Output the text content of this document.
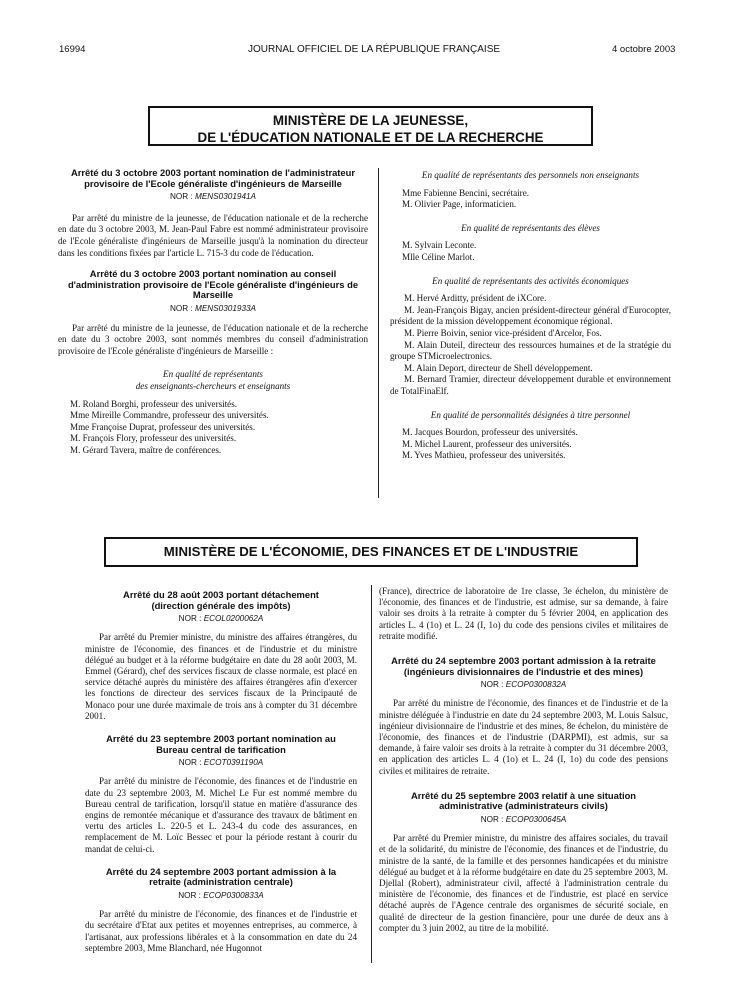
16994	JOURNAL OFFICIEL DE LA RÉPUBLIQUE FRANÇAISE	4 octobre 2003
MINISTÈRE DE LA JEUNESSE,
DE L'ÉDUCATION NATIONALE ET DE LA RECHERCHE
Arrêté du 3 octobre 2003 portant nomination de l'administrateur provisoire de l'Ecole généraliste d'ingénieurs de Marseille
NOR : MENS0301941A

Par arrêté du ministre de la jeunesse, de l'éducation nationale et de la recherche en date du 3 octobre 2003, M. Jean-Paul Fabre est nommé administrateur provisoire de l'Ecole généraliste d'ingénieurs de Marseille jusqu'à la nomination du directeur dans les conditions fixées par l'article L. 715-3 du code de l'éducation.

Arrêté du 3 octobre 2003 portant nomination au conseil d'administration provisoire de l'Ecole généraliste d'ingénieurs de Marseille
NOR : MENS0301933A

Par arrêté du ministre de la jeunesse, de l'éducation nationale et de la recherche en date du 3 octobre 2003, sont nommés membres du conseil d'administration provisoire de l'Ecole généraliste d'ingénieurs de Marseille :

En qualité de représentants
des enseignants-chercheurs et enseignants

M. Roland Borghi, professeur des universités.

Mme Mireille Commandre, professeur des universités.

Mme Françoise Duprat, professeur des universités.

M. François Flory, professeur des universités.

M. Gérard Tavera, maître de conférences.

En qualité de représentants des personnels non enseignants

Mme Fabienne Bencini, secrétaire.

M. Olivier Page, informaticien.

En qualité de représentants des élèves

M. Sylvain Leconte.

Mlle Céline Marlot.

En qualité de représentants des activités économiques

M. Hervé Arditty, président de iXCore.

M. Jean-François Bigay, ancien président-directeur général d'Eurocopter, président de la mission développement économique régional.

M. Pierre Boivin, senior vice-président d'Arcelor, Fos.

M. Alain Duteil, directeur des ressources humaines et de la stratégie du groupe STMicroelectronics.

M. Alain Deport, directeur de Shell développement.

M. Bernard Tramier, directeur développement durable et environnement de TotalFinaElf.

En qualité de personnalités désignées à titre personnel

M. Jacques Bourdon, professeur des universités.

M. Michel Laurent, professeur des universités.

M. Yves Mathieu, professeur des universités.

MINISTÈRE DE L'ÉCONOMIE, DES FINANCES ET DE L'INDUSTRIE
Arrêté du 28 août 2003 portant détachement (direction générale des impôts)
NOR : ECOL0200062A

Par arrêté du Premier ministre, du ministre des affaires étrangères, du ministre de l'économie, des finances et de l'industrie et du ministre délégué au budget et à la réforme budgétaire en date du 28 août 2003, M. Emmel (Gérard), chef des services fiscaux de classe normale, est placé en service détaché auprès du ministère des affaires étrangères afin d'exercer les fonctions de directeur des services fiscaux de la Principauté de Monaco pour une durée maximale de trois ans à compter du 31 décembre 2001.

Arrêté du 23 septembre 2003 portant nomination au Bureau central de tarification
NOR : ECOT0391190A

Par arrêté du ministre de l'économie, des finances et de l'industrie en date du 23 septembre 2003, M. Michel Le Fur est nommé membre du Bureau central de tarification, lorsqu'il statue en matière d'assurance des engins de remontée mécanique et d'assurance des travaux de bâtiment en vertu des articles L. 220-5 et L. 243-4 du code des assurances, en remplacement de M. Loïc Bessec et pour la période restant à courir du mandat de celui-ci.

Arrêté du 24 septembre 2003 portant admission à la retraite (administration centrale)
NOR : ECOP0300833A

Par arrêté du ministre de l'économie, des finances et de l'industrie et du secrétaire d'Etat aux petites et moyennes entreprises, au commerce, à l'artisanat, aux professions libérales et à la consommation en date du 24 septembre 2003, Mme Blanchard, née Hugonnot

(France), directrice de laboratoire de 1re classe, 3e échelon, du ministère de l'économie, des finances et de l'industrie, est admise, sur sa demande, à faire valoir ses droits à la retraite à compter du 5 février 2004, en application des articles L. 4 (1o) et L. 24 (I, 1o) du code des pensions civiles et militaires de retraite modifié.

Arrêté du 24 septembre 2003 portant admission à la retraite (ingénieurs divisionnaires de l'industrie et des mines)
NOR : ECOP0300832A

Par arrêté du ministre de l'économie, des finances et de l'industrie et de la ministre déléguée à l'industrie en date du 24 septembre 2003, M. Louis Salsuc, ingénieur divisionnaire de l'industrie et des mines, 8e échelon, du ministère de l'économie, des finances et de l'industrie (DARPMI), est admis, sur sa demande, à faire valoir ses droits à la retraite à compter du 31 décembre 2003, en application des articles L. 4 (1o) et L. 24 (I, 1o) du code des pensions civiles et militaires de retraite.

Arrêté du 25 septembre 2003 relatif à une situation administrative (administrateurs civils)
NOR : ECOP0300645A

Par arrêté du Premier ministre, du ministre des affaires sociales, du travail et de la solidarité, du ministre de l'économie, des finances et de l'industrie, du ministre de la santé, de la famille et des personnes handicapées et du ministre délégué au budget et à la réforme budgétaire en date du 25 septembre 2003, M. Djellal (Robert), administrateur civil, affecté à l'administration centrale du ministère de l'économie, des finances et de l'industrie, est placé en service détaché auprès de l'Agence centrale des organismes de sécurité sociale, en qualité de directeur de la gestion financière, pour une durée de deux ans à compter du 3 juin 2002, au titre de la mobilité.
